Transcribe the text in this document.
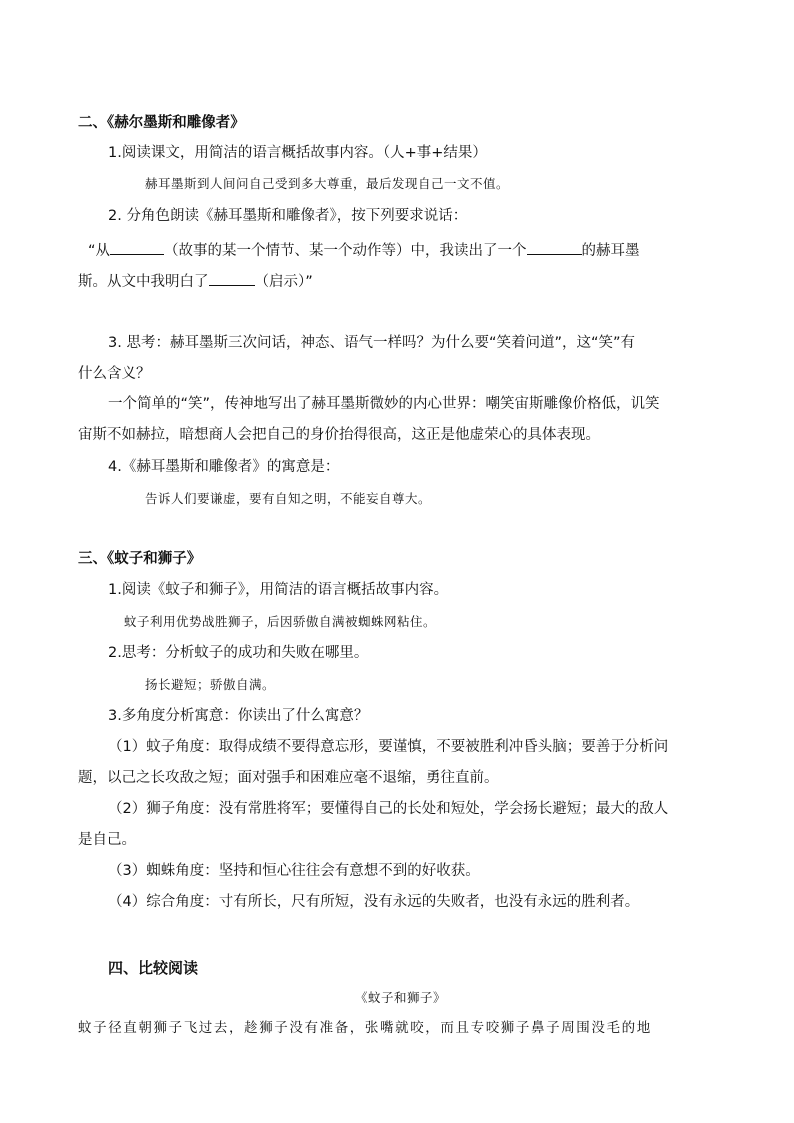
二、《赫尔墨斯和雕像者》
1.阅读课文，用简洁的语言概括故事内容。（人+事+结果）
赫耳墨斯到人间问自己受到多大尊重，最后发现自己一文不值。
2. 分角色朗读《赫耳墨斯和雕像者》，按下列要求说话：
“从	（故事的某一个情节、某一个动作等）中，我读出了一个	的赫耳墨
斯。从文中我明白了	（启示）”
3. 思考：赫耳墨斯三次问话，神态、语气一样吗？为什么要“笑着问道”，这“笑”有
什么含义？
一个简单的“笑”，传神地写出了赫耳墨斯微妙的内心世界：嘲笑宙斯雕像价格低，讥笑
宙斯不如赫拉，暗想商人会把自己的身价抬得很高，这正是他虚荣心的具体表现。
4.《赫耳墨斯和雕像者》的寓意是：
告诉人们要谦虚，要有自知之明，不能妄自尊大。
三、《蚊子和狮子》
1.阅读《蚊子和狮子》，用简洁的语言概括故事内容。
蚊子利用优势战胜狮子，后因骄傲自满被蜘蛛网粘住。
2.思考：分析蚊子的成功和失败在哪里。
扬长避短；骄傲自满。
3.多角度分析寓意：你读出了什么寓意？
（1）蚊子角度：取得成绩不要得意忘形，要谨慎，不要被胜利冲昏头脑；要善于分析问
题，以己之长攻敌之短；面对强手和困难应毫不退缩，勇往直前。
（2）狮子角度：没有常胜将军；要懂得自己的长处和短处，学会扬长避短；最大的敌人
是自己。
（3）蜘蛛角度：坚持和恒心往往会有意想不到的好收获。
（4）综合角度：寸有所长，尺有所短，没有永远的失败者，也没有永远的胜利者。
四、比较阅读
《蚊子和狮子》
蚊子径直朝狮子飞过去，趁狮子没有准备，张嘴就咬，而且专咬狮子鼻子周围没毛的地
